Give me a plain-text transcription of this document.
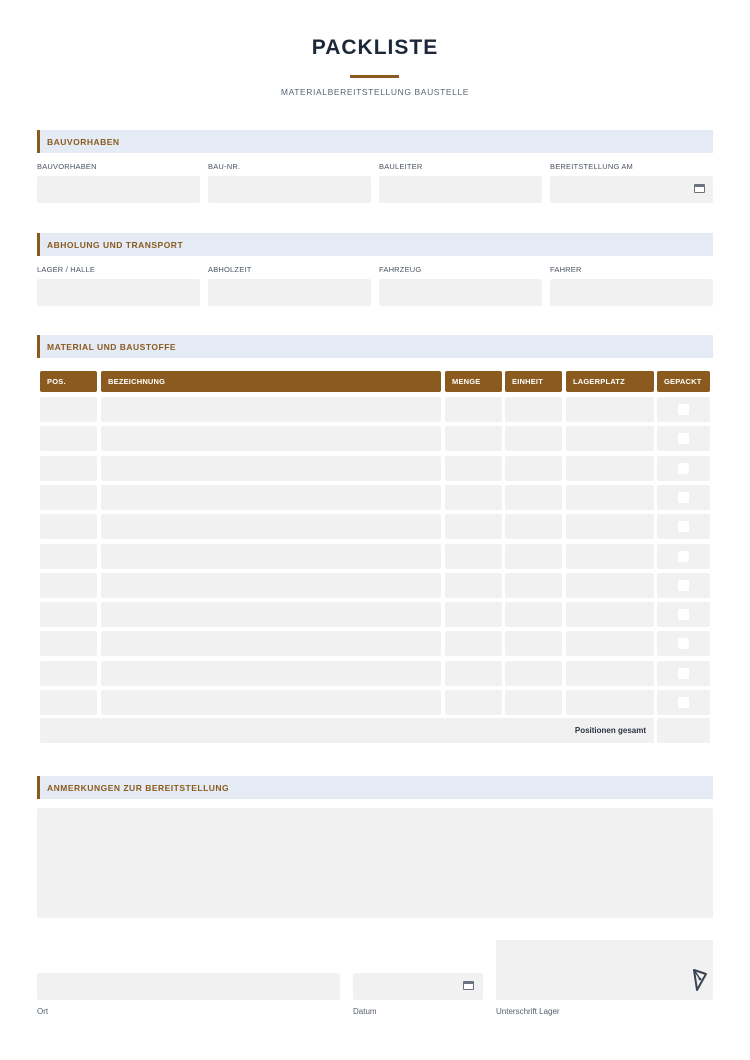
PACKLISTE
MATERIALBEREITSTELLUNG BAUSTELLE
BAUVORHABEN
BAUVORHABEN	BAU-NR.	BAULEITER	BEREITSTELLUNG AM
ABHOLUNG UND TRANSPORT
LAGER / HALLE	ABHOLZEIT	FAHRZEUG	FAHRER
MATERIAL UND BAUSTOFFE
POS.	BEZEICHNUNG	MENGE	EINHEIT	LAGERPLATZ	GEPACKT
Positionen gesamt
ANMERKUNGEN ZUR BEREITSTELLUNG
Ort	Datum	Unterschrift Lager
